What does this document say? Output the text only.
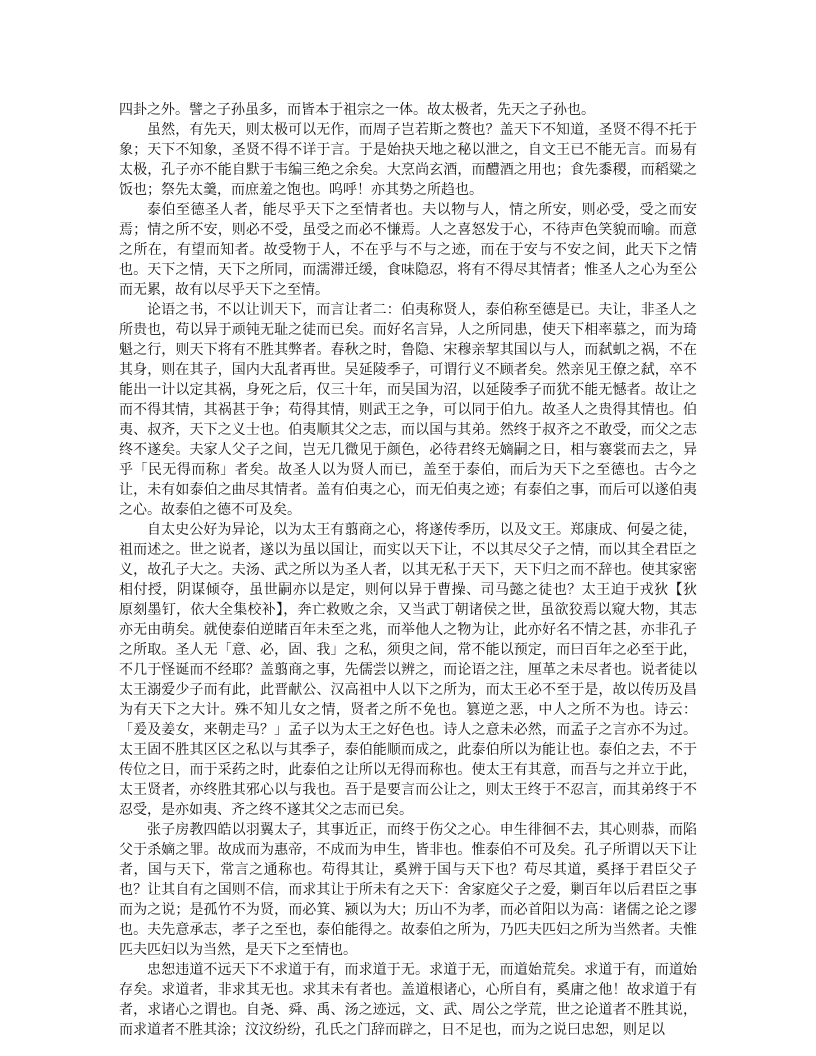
四卦之外。譬之子孙虽多，而皆本于祖宗之一体。故太极者，先天之子孙也。

虽然，有先天，则太极可以无作，而周子岂若斯之赘也？盖天下不知道，圣贤不得不托于象；天下不知象，圣贤不得不详于言。于是始抉天地之秘以泄之，自文王已不能无言。而易有太极，孔子亦不能自默于韦编三绝之余矣。大烹尚玄酒，而醴酒之用也；食先黍稷，而稻粱之饭也；祭先太羹，而庶羞之饱也。呜呼！亦其势之所趋也。

泰伯至德圣人者，能尽乎天下之至情者也。夫以物与人，情之所安，则必受，受之而安焉；情之所不安，则必不受，虽受之而必不慊焉。人之喜怒发于心，不待声色笑貌而喻。而意之所在，有望而知者。故受物于人，不在乎与不与之迹，而在于安与不安之间，此天下之情也。天下之情，天下之所同，而濡滞迁缓，食味隐忍，将有不得尽其情者；惟圣人之心为至公而无累，故有以尽乎天下之至情。

论语之书，不以让训天下，而言让者二：伯夷称贤人，泰伯称至德是已。夫让，非圣人之所贵也，苟以异于顽钝无耻之徒而已矣。而好名言异，人之所同患，使天下相率慕之，而为琦魁之行，则天下将有不胜其弊者。春秋之时，鲁隐、宋穆亲挈其国以与人，而弑虮之祸，不在其身，则在其子，国内大乱者再世。吴延陵季子，可谓行义不顾者矣。然亲见王僚之弑，卒不能出一计以定其祸，身死之后，仅三十年，而吴国为沼，以延陵季子而犹不能无憾者。故让之而不得其情，其祸甚于争；苟得其情，则武王之争，可以同于伯九。故圣人之贵得其情也。伯夷、叔齐，天下之义士也。伯夷顺其父之志，而以国与其弟。然终于叔齐之不敢受，而父之志终不遂矣。夫家人父子之间，岂无几微见于颜色，必待君终无嫡嗣之日，相与褰裳而去之，异乎「民无得而称」者矣。故圣人以为贤人而已，盖至于泰伯，而后为天下之至德也。古今之让，未有如泰伯之曲尽其情者。盖有伯夷之心，而无伯夷之迹；有泰伯之事，而后可以遂伯夷之心。故泰伯之德不可及矣。

自太史公好为异论，以为太王有翦商之心，将遂传季历，以及文王。郑康成、何晏之徒，祖而述之。世之说者，遂以为虽以国让，而实以天下让，不以其尽父子之情，而以其全君臣之义，故孔子大之。夫汤、武之所以为圣人者，以其无私于天下，天下归之而不辞也。使其家密相付授，阴谋倾夺，虽世嗣亦以是定，则何以异于曹操、司马懿之徒也？太王迫于戎狄【狄　原刻墨钉，依大全集校补】，奔亡救败之余，又当武丁朝诸侯之世，虽欲狡焉以窥大物，其志亦无由萌矣。就使泰伯逆睹百年未至之兆，而举他人之物为让，此亦好名不情之甚，亦非孔子之所取。圣人无「意、必，固、我」之私，须臾之间，常不能以预定，而曰百年之必至于此，不几于怪诞而不经耶？盖翦商之事，先儒尝以辨之，而论语之注，厘革之未尽者也。说者徒以太王溺爱少子而有此，此晋献公、汉高祖中人以下之所为，而太王必不至于是，故以传历及昌为有天下之大计。殊不知儿女之情，贤者之所不免也。篡逆之恶，中人之所不为也。诗云：「爰及姜女，来朝走马？」孟子以为太王之好色也。诗人之意未必然，而孟子之言亦不为过。太王固不胜其区区之私以与其季子，泰伯能顺而成之，此泰伯所以为能让也。泰伯之去，不于传位之日，而于采药之时，此泰伯之让所以无得而称也。使太王有其意，而吾与之并立于此，太王贤者，亦终胜其邪心以与我也。吾于是要言而公让之，则太王终于不忍言，而其弟终于不忍受，是亦如夷、齐之终不遂其父之志而已矣。

张子房教四皓以羽翼太子，其事近正，而终于伤父之心。申生徘徊不去，其心则恭，而陷父于杀嫡之罪。故成而为惠帝，不成而为申生，皆非也。惟泰伯不可及矣。孔子所谓以天下让者，国与天下，常言之通称也。苟得其让，奚辨于国与天下也？苟尽其道，奚择于君臣父子也？让其自有之国则不信，而求其让于所未有之天下：舍家庭父子之爱，剿百年以后君臣之事而为之说；是孤竹不为贤，而必箕、颍以为大；历山不为孝，而必首阳以为高：诸儒之论之谬也。夫先意承志，孝子之至也，泰伯能得之。故泰伯之所为，乃匹夫匹妇之所为当然者。夫惟匹夫匹妇以为当然，是天下之至情也。

忠恕违道不远天下不求道于有，而求道于无。求道于无，而道始荒矣。求道于有，而道始存矣。求道者，非求其无也。求其未有者也。盖道根诸心，心所自有，奚庸之他！故求道于有者，求诸心之谓也。自尧、舜、禹、汤之迹远，文、武、周公之学荒，世之论道者不胜其说，而求道者不胜其涂；汶汶纷纷，孔氏之门辞而辟之，日不足也，而为之说曰忠恕，则足以
